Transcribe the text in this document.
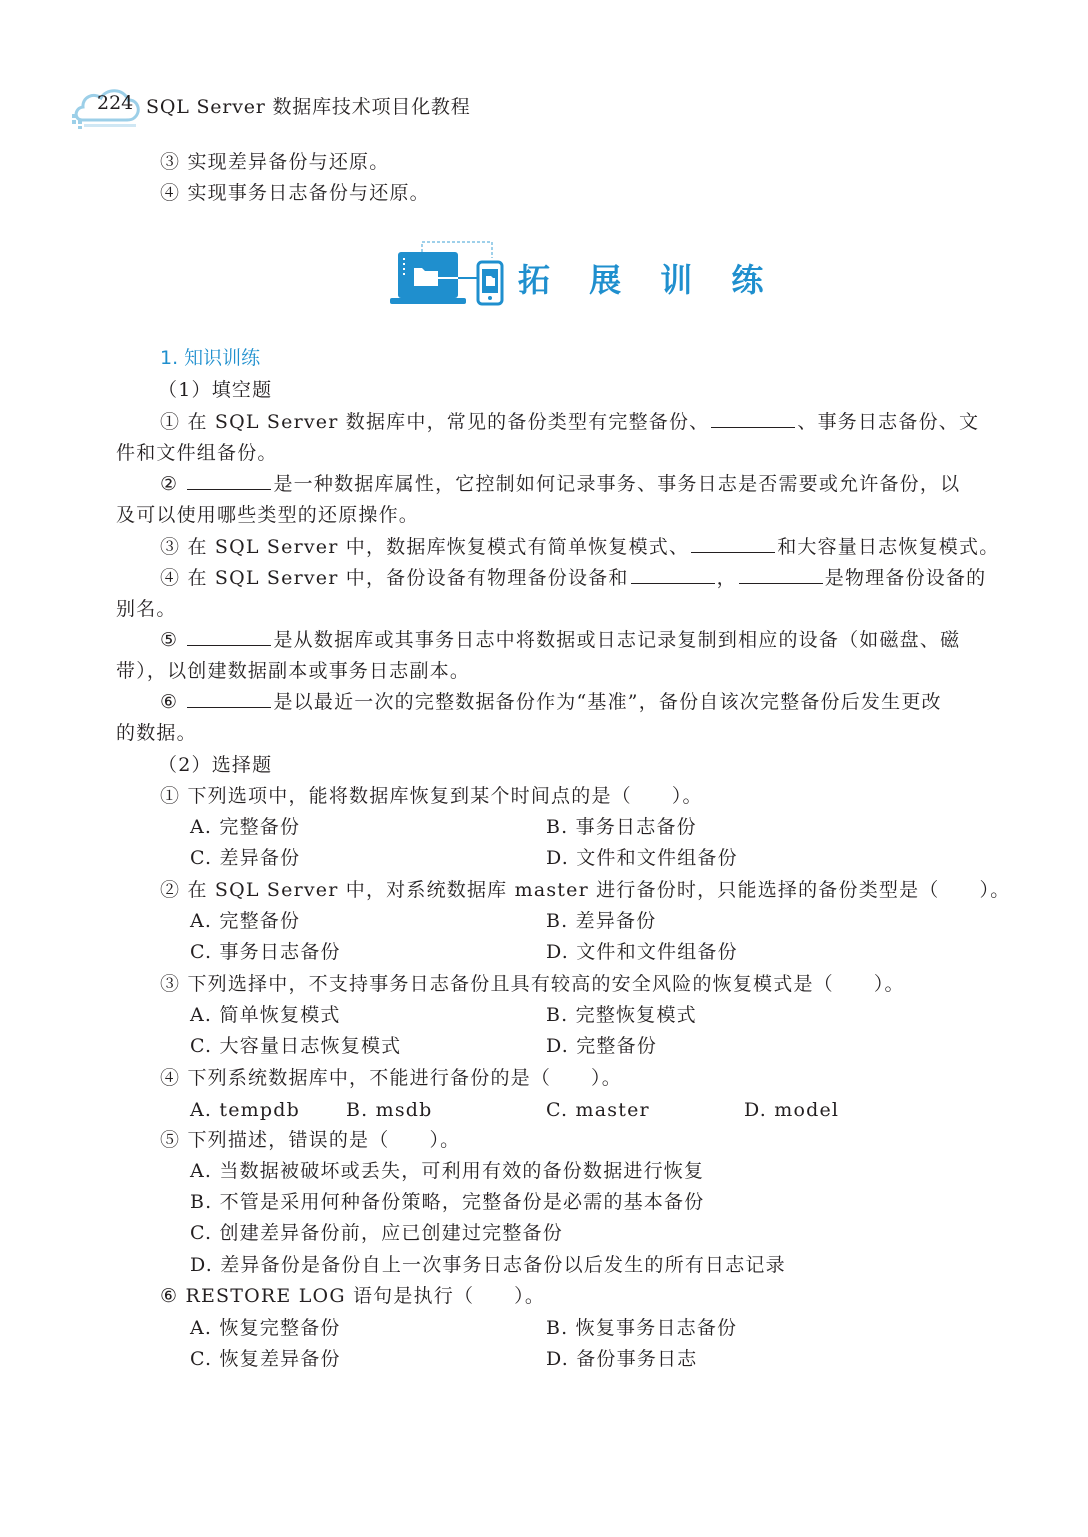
224 SQL Server 数据库技术项目化教程
③ 实现差异备份与还原。
④ 实现事务日志备份与还原。
拓 展 训 练
1. 知识训练
（1）填空题
① 在 SQL Server 数据库中，常见的备份类型有完整备份、	、事务日志备份、文
件和文件组备份。
②	是一种数据库属性，它控制如何记录事务、事务日志是否需要或允许备份，以
及可以使用哪些类型的还原操作。
③ 在 SQL Server 中，数据库恢复模式有简单恢复模式、	和大容量日志恢复模式。
④ 在 SQL Server 中，备份设备有物理备份设备和	，	是物理备份设备的
别名。
⑤	是从数据库或其事务日志中将数据或日志记录复制到相应的设备（如磁盘、磁
带），以创建数据副本或事务日志副本。
⑥	是以最近一次的完整数据备份作为“基准”，备份自该次完整备份后发生更改
的数据。
（2）选择题
① 下列选项中，能将数据库恢复到某个时间点的是（ ）。
A. 完整备份	B. 事务日志备份
C. 差异备份	D. 文件和文件组备份
② 在 SQL Server 中，对系统数据库 master 进行备份时，只能选择的备份类型是（ ）。
A. 完整备份	B. 差异备份
C. 事务日志备份	D. 文件和文件组备份
③ 下列选择中，不支持事务日志备份且具有较高的安全风险的恢复模式是（ ）。
A. 简单恢复模式	B. 完整恢复模式
C. 大容量日志恢复模式	D. 完整备份
④ 下列系统数据库中，不能进行备份的是（ ）。
A. tempdb B. msdb	C. master	D. model
⑤ 下列描述，错误的是（ ）。
A. 当数据被破坏或丢失，可利用有效的备份数据进行恢复
B. 不管是采用何种备份策略，完整备份是必需的基本备份
C. 创建差异备份前，应已创建过完整备份
D. 差异备份是备份自上一次事务日志备份以后发生的所有日志记录
⑥ RESTORE LOG 语句是执行（ ）。
A. 恢复完整备份	B. 恢复事务日志备份
C. 恢复差异备份	D. 备份事务日志
